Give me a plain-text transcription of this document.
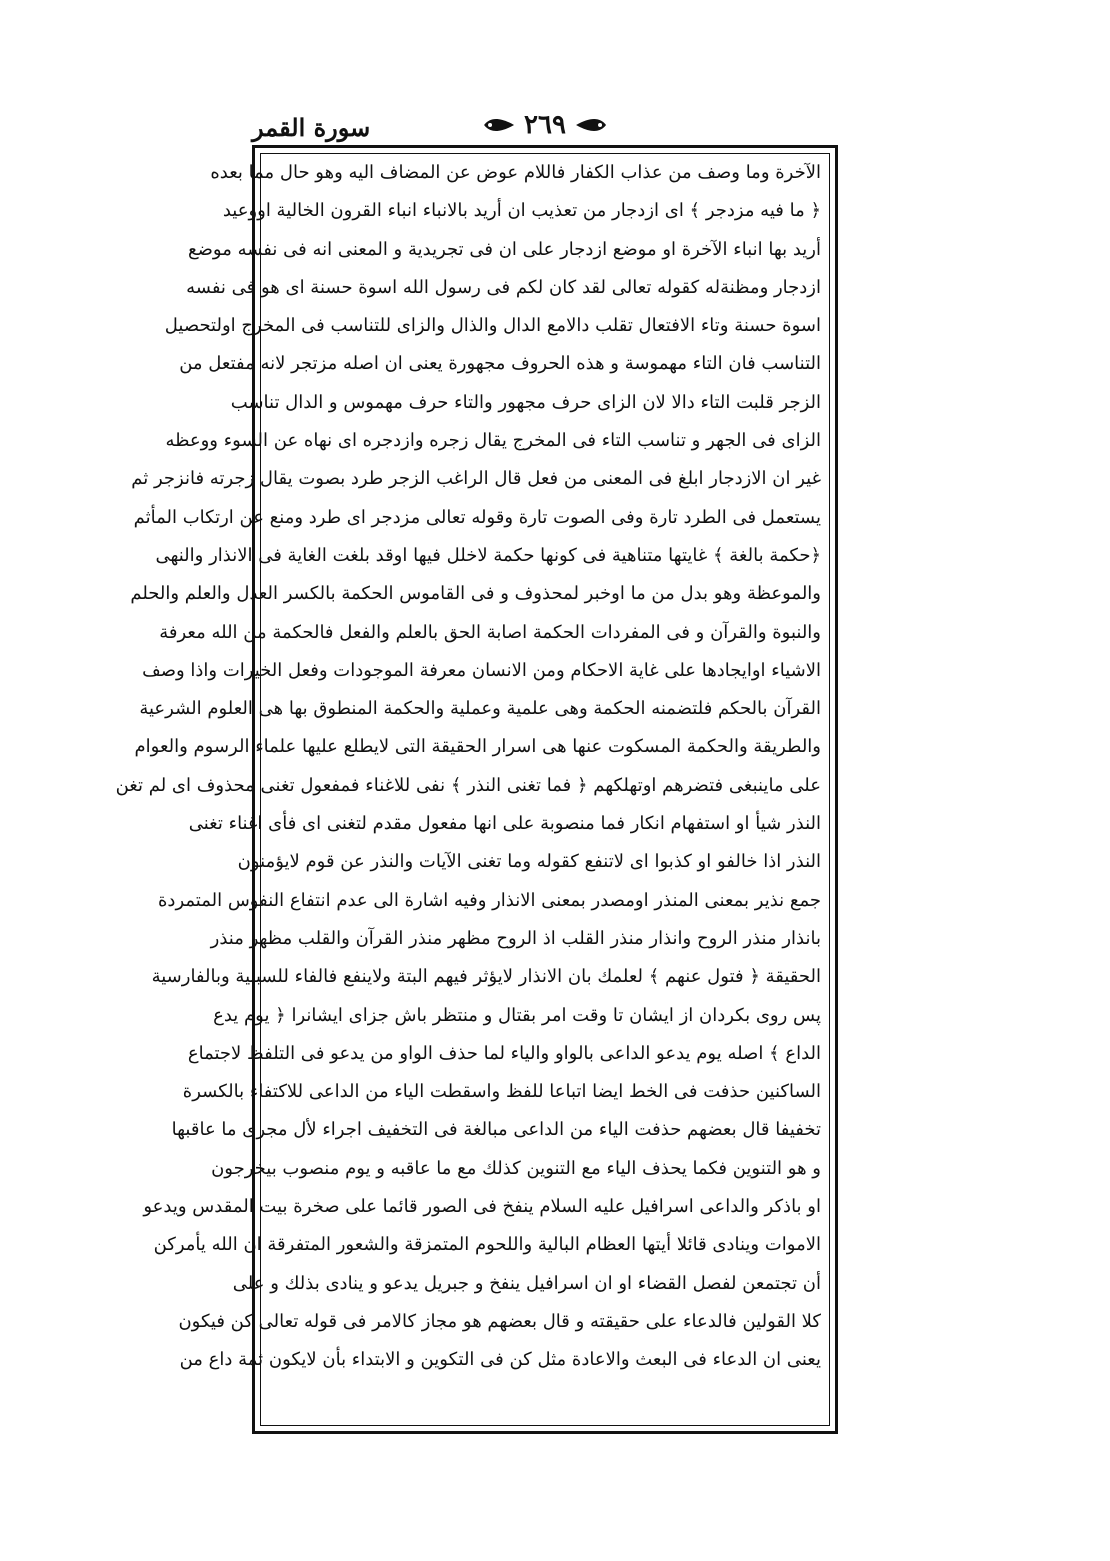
سورة القمر	٢٦٩
الآخرة وما وصف من عذاب الكفار فاللام عوض عن المضاف اليه وهو حال مما بعده
﴿ ما فيه مزدجر ﴾ اى ازدجار من تعذيب ان أريد بالانباء انباء القرون الخالية اووعيد
أريد بها انباء الآخرة او موضع ازدجار على ان فى تجريدية و المعنى انه فى نفسه موضع
ازدجار ومظنةله كقوله تعالى لقد كان لكم فى رسول الله اسوة حسنة اى هو فى نفسه
اسوة حسنة وتاء الافتعال تقلب دالامع الدال والذال والزاى للتناسب فى المخرج اولتحصيل
التناسب فان التاء مهموسة و هذه الحروف مجهورة يعنى ان اصله مزتجر لانه مفتعل من
الزجر قلبت التاء دالا لان الزاى حرف مجهور والتاء حرف مهموس و الدال تناسب
الزاى فى الجهر و تناسب التاء فى المخرج يقال زجره وازدجره اى نهاه عن السوء ووعظه
غير ان الازدجار ابلغ فى المعنى من فعل قال الراغب الزجر طرد بصوت يقال زجرته فانزجر ثم
يستعمل فى الطرد تارة وفى الصوت تارة وقوله تعالى مزدجر اى طرد ومنع عن ارتكاب المأثم
﴿حكمة بالغة ﴾ غايتها متناهية فى كونها حكمة لاخلل فيها اوقد بلغت الغاية فى الانذار والنهى
والموعظة وهو بدل من ما اوخبر لمحذوف و فى القاموس الحكمة بالكسر العدل والعلم والحلم
والنبوة والقرآن و فى المفردات الحكمة اصابة الحق بالعلم والفعل فالحكمة من الله معرفة
الاشياء اوايجادها على غاية الاحكام ومن الانسان معرفة الموجودات وفعل الخيرات واذا وصف
القرآن بالحكم فلتضمنه الحكمة وهى علمية وعملية والحكمة المنطوق بها هى العلوم الشرعية
والطريقة والحكمة المسكوت عنها هى اسرار الحقيقة التى لايطلع عليها علماء الرسوم والعوام
على ماينبغى فتضرهم اوتهلكهم ﴿ فما تغنى النذر ﴾ نفى للاغناء فمفعول تغنى محذوف اى لم تغن
النذر شيأ او استفهام انكار فما منصوبة على انها مفعول مقدم لتغنى اى فأى اغناء تغنى
النذر اذا خالفو او كذبوا اى لاتنفع كقوله وما تغنى الآيات والنذر عن قوم لايؤمنون
جمع نذير بمعنى المنذر اومصدر بمعنى الانذار وفيه اشارة الى عدم انتفاع النفوس المتمردة
بانذار منذر الروح وانذار منذر القلب اذ الروح مظهر منذر القرآن والقلب مظهر منذر
الحقيقة ﴿ فتول عنهم ﴾ لعلمك بان الانذار لايؤثر فيهم البتة ولاينفع فالفاء للسببية وبالفارسية
پس روى بكردان از ايشان تا وقت امر بقتال و منتظر باش جزاى ايشانرا ﴿ يوم يدع
الداع ﴾ اصله يوم يدعو الداعى بالواو والياء لما حذف الواو من يدعو فى التلفظ لاجتماع
الساكنين حذفت فى الخط ايضا اتباعا للفظ واسقطت الياء من الداعى للاكتفاء بالكسرة
تخفيفا قال بعضهم حذفت الياء من الداعى مبالغة فى التخفيف اجراء لأل مجرى ما عاقبها
و هو التنوين فكما يحذف الياء مع التنوين كذلك مع ما عاقبه و يوم منصوب بيخرجون
او باذكر والداعى اسرافيل عليه السلام ينفخ فى الصور قائما على صخرة بيت المقدس ويدعو
الاموات وينادى قائلا أيتها العظام البالية واللحوم المتمزقة والشعور المتفرقة ان الله يأمركن
أن تجتمعن لفصل القضاء او ان اسرافيل ينفخ و جبريل يدعو و ينادى بذلك و على
كلا القولين فالدعاء على حقيقته و قال بعضهم هو مجاز كالامر فى قوله تعالى كن فيكون
يعنى ان الدعاء فى البعث والاعادة مثل كن فى التكوين و الابتداء بأن لايكون ثمة داع من
